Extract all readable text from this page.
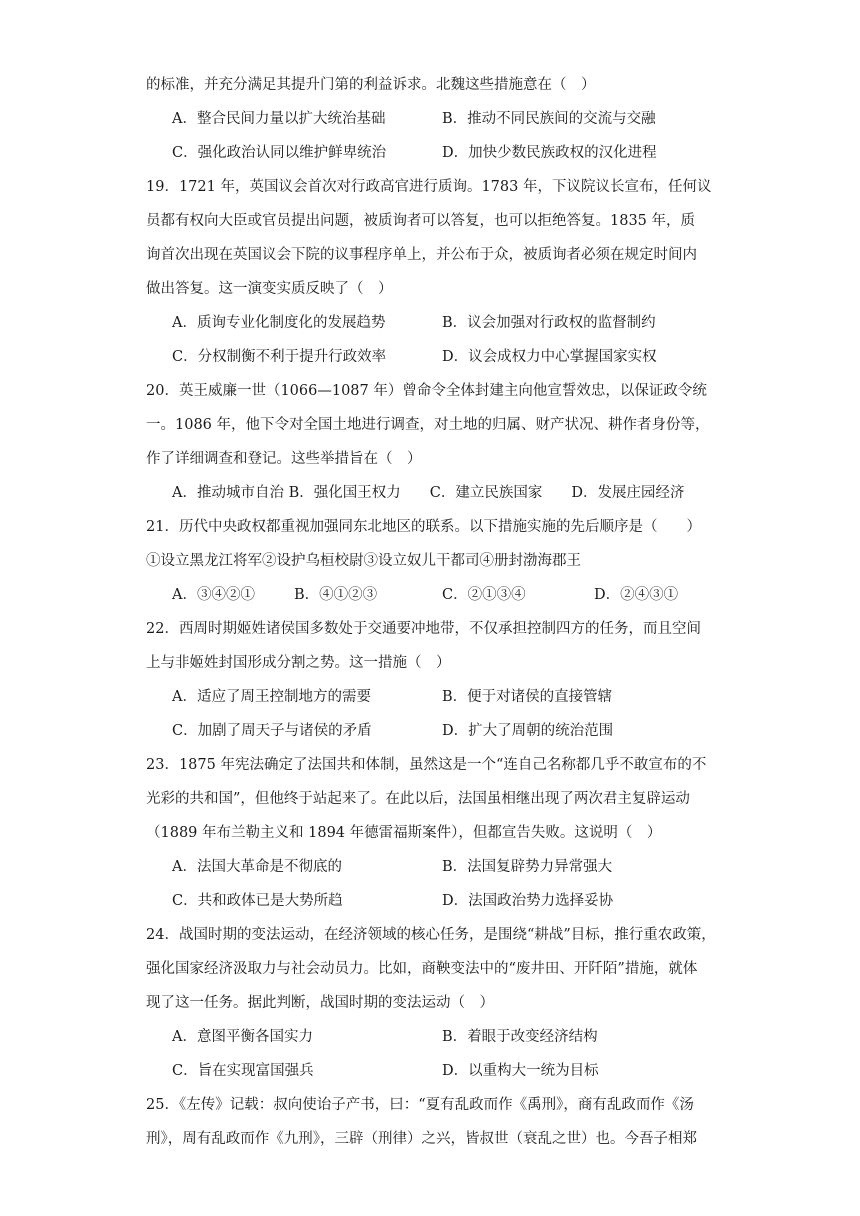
的标准，并充分满足其提升门第的利益诉求。北魏这些措施意在（　）
A．整合民间力量以扩大统治基础	B．推动不同民族间的交流与交融
C．强化政治认同以维护鲜卑统治	D．加快少数民族政权的汉化进程
19．1721 年，英国议会首次对行政高官进行质询。1783 年，下议院议长宣布，任何议
员都有权向大臣或官员提出问题，被质询者可以答复，也可以拒绝答复。1835 年，质
询首次出现在英国议会下院的议事程序单上，并公布于众，被质询者必须在规定时间内
做出答复。这一演变实质反映了（　）
A．质询专业化制度化的发展趋势	B．议会加强对行政权的监督制约
C．分权制衡不利于提升行政效率	D．议会成权力中心掌握国家实权
20．英王威廉一世（1066—1087 年）曾命令全体封建主向他宣誓效忠，以保证政令统
一。1086 年，他下令对全国土地进行调查，对土地的归属、财产状况、耕作者身份等，
作了详细调查和登记。这些举措旨在（　）
A．推动城市自治 B．强化国王权力　　C．建立民族国家　　D．发展庄园经济
21．历代中央政权都重视加强同东北地区的联系。以下措施实施的先后顺序是（　　）
①设立黑龙江将军②设护乌桓校尉③设立奴儿干都司④册封渤海郡王
A．③④②①	B．④①②③	C．②①③④	D．②④③①
22．西周时期姬姓诸侯国多数处于交通要冲地带，不仅承担控制四方的任务，而且空间
上与非姬姓封国形成分割之势。这一措施（　）
A．适应了周王控制地方的需要	B．便于对诸侯的直接管辖
C．加剧了周天子与诸侯的矛盾	D．扩大了周朝的统治范围
23．1875 年宪法确定了法国共和体制，虽然这是一个“连自己名称都几乎不敢宣布的不
光彩的共和国”，但他终于站起来了。在此以后，法国虽相继出现了两次君主复辟运动
（1889 年布兰勒主义和 1894 年德雷福斯案件），但都宣告失败。这说明（　）
A．法国大革命是不彻底的	B．法国复辟势力异常强大
C．共和政体已是大势所趋	D．法国政治势力选择妥协
24．战国时期的变法运动，在经济领域的核心任务，是围绕“耕战”目标，推行重农政策，
强化国家经济汲取力与社会动员力。比如，商鞅变法中的“废井田、开阡陌”措施，就体
现了这一任务。据此判断，战国时期的变法运动（　）
A．意图平衡各国实力	B．着眼于改变经济结构
C．旨在实现富国强兵	D．以重构大一统为目标
25．《左传》记载：叔向使诒子产书，曰：“夏有乱政而作《禹刑》，商有乱政而作《汤
刑》，周有乱政而作《九刑》，三辟（刑律）之兴，皆叔世（衰乱之世）也。今吾子相郑
